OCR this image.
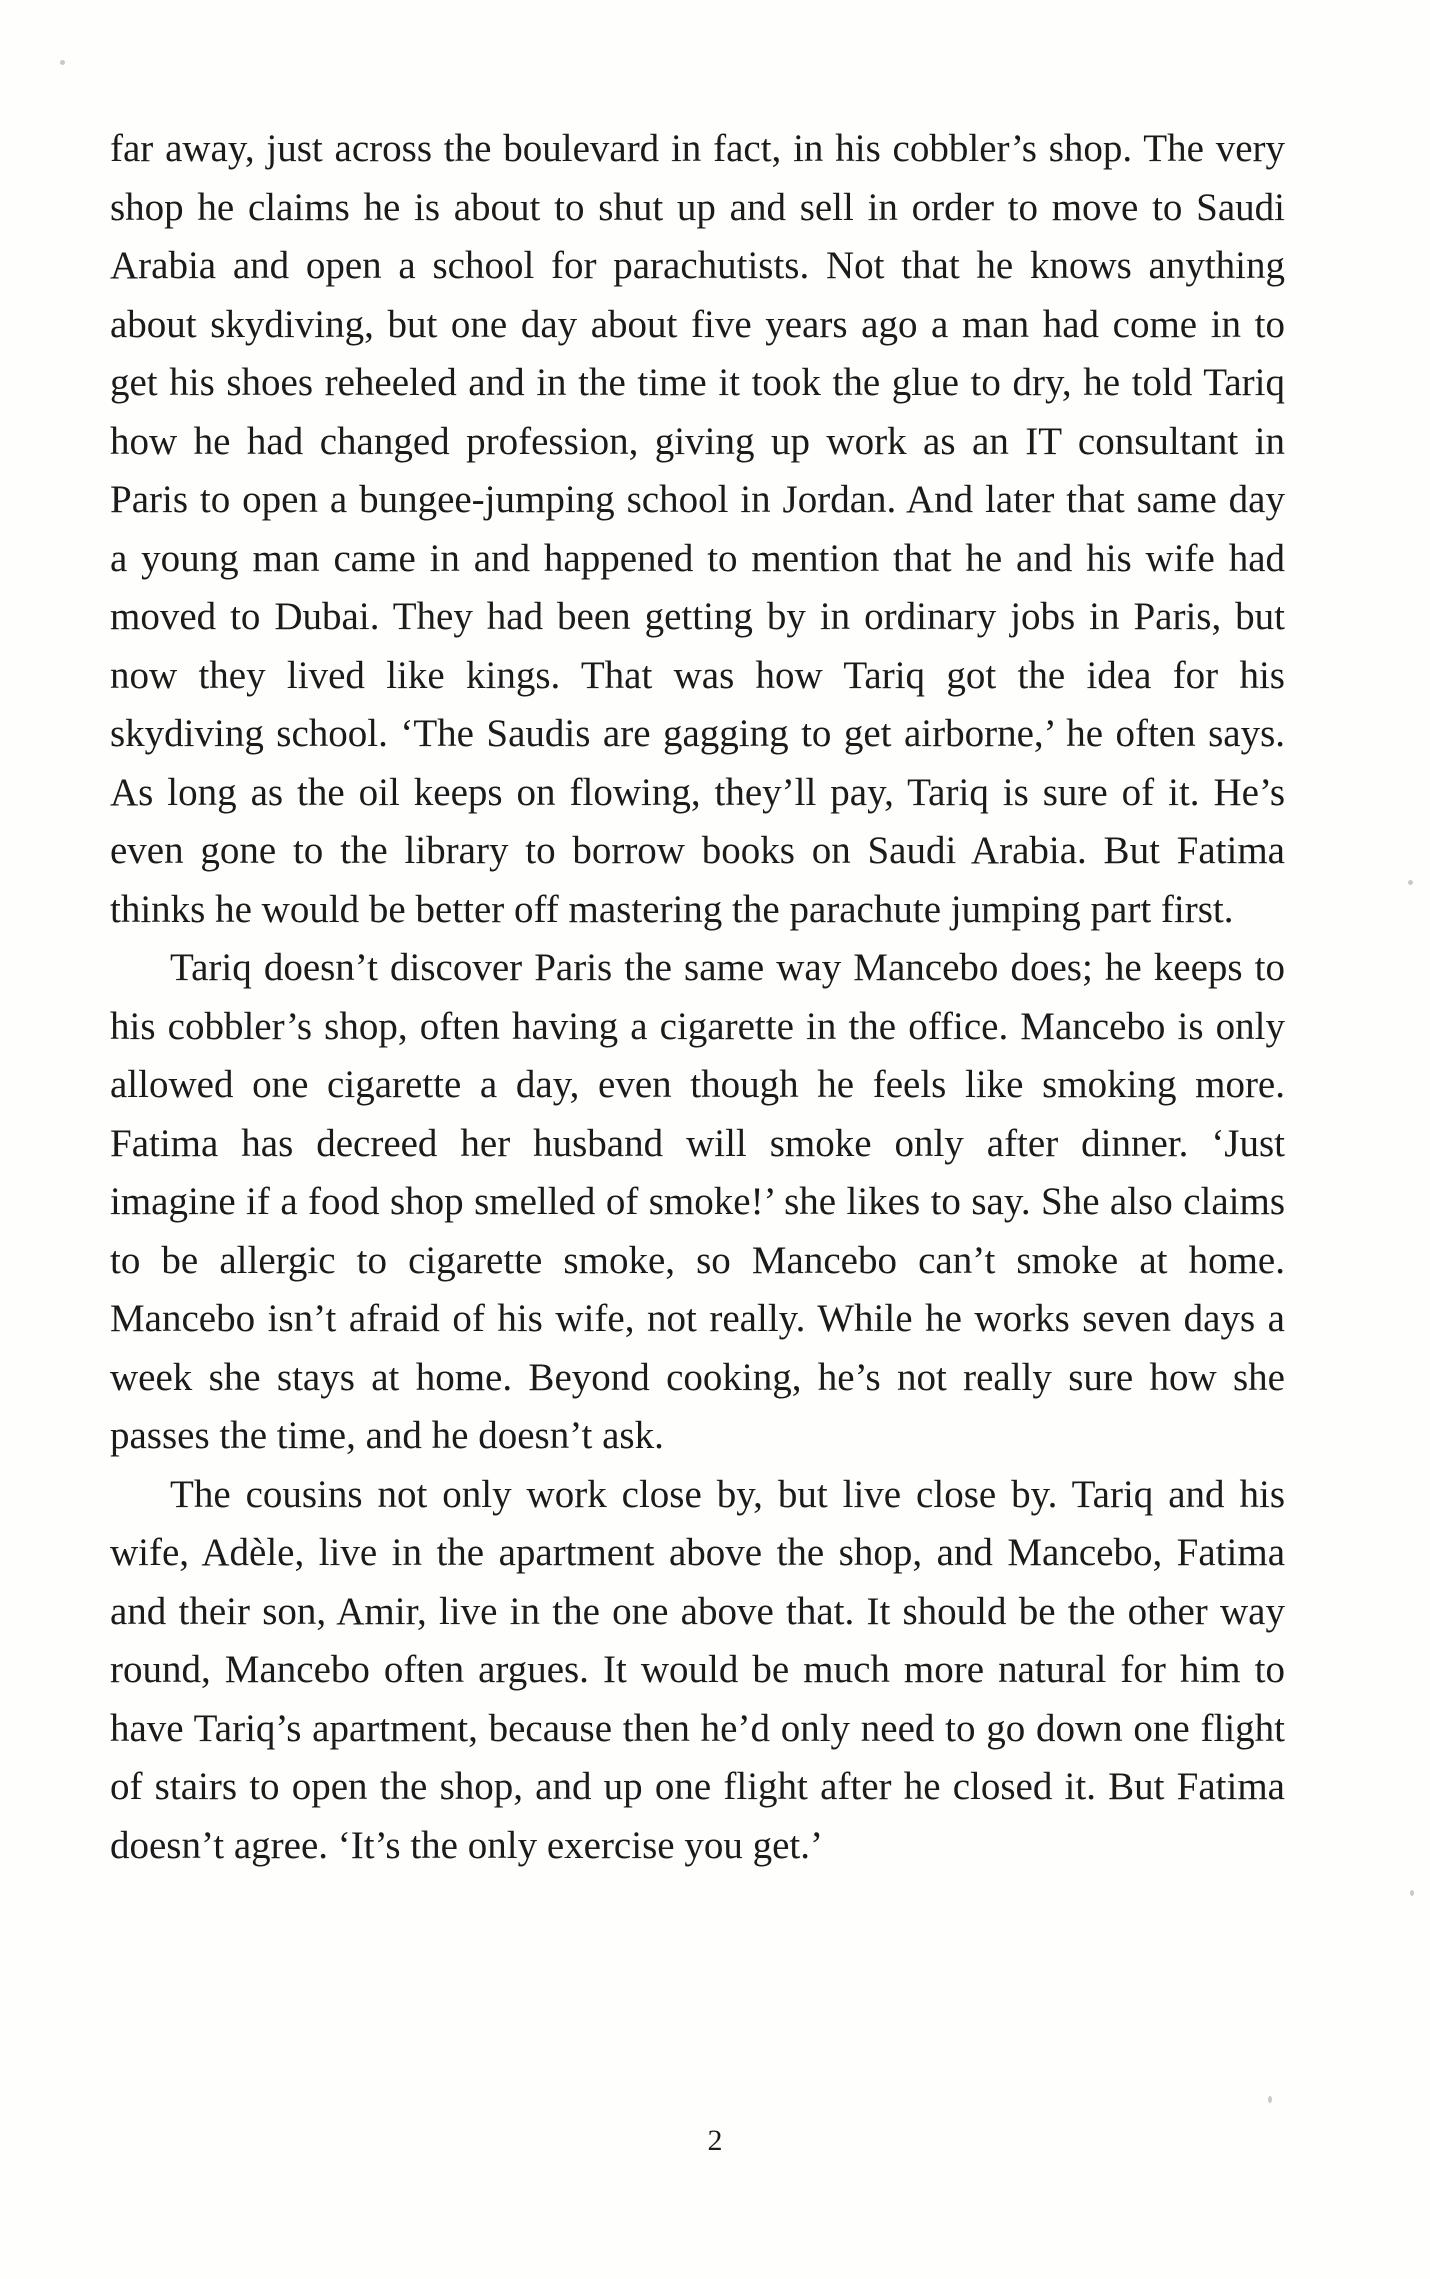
far away, just across the boulevard in fact, in his cobbler’s shop. The very shop he claims he is about to shut up and sell in order to move to Saudi Arabia and open a school for parachutists. Not that he knows anything about skydiving, but one day about five years ago a man had come in to get his shoes reheeled and in the time it took the glue to dry, he told Tariq how he had changed profession, giving up work as an IT consultant in Paris to open a bungee-jumping school in Jordan. And later that same day a young man came in and happened to mention that he and his wife had moved to Dubai. They had been getting by in ordinary jobs in Paris, but now they lived like kings. That was how Tariq got the idea for his skydiving school. ‘The Saudis are gagging to get airborne,’ he often says. As long as the oil keeps on flowing, they’ll pay, Tariq is sure of it. He’s even gone to the library to borrow books on Saudi Arabia. But Fatima thinks he would be better off mastering the parachute jumping part first.

Tariq doesn’t discover Paris the same way Mancebo does; he keeps to his cobbler’s shop, often having a cigarette in the office. Mancebo is only allowed one cigarette a day, even though he feels like smoking more. Fatima has decreed her husband will smoke only after dinner. ‘Just imagine if a food shop smelled of smoke!’ she likes to say. She also claims to be allergic to cigarette smoke, so Mancebo can’t smoke at home. Mancebo isn’t afraid of his wife, not really. While he works seven days a week she stays at home. Beyond cooking, he’s not really sure how she passes the time, and he doesn’t ask.

The cousins not only work close by, but live close by. Tariq and his wife, Adèle, live in the apartment above the shop, and Mancebo, Fatima and their son, Amir, live in the one above that. It should be the other way round, Mancebo often argues. It would be much more natural for him to have Tariq’s apartment, because then he’d only need to go down one flight of stairs to open the shop, and up one flight after he closed it. But Fatima doesn’t agree. ‘It’s the only exercise you get.’

2
